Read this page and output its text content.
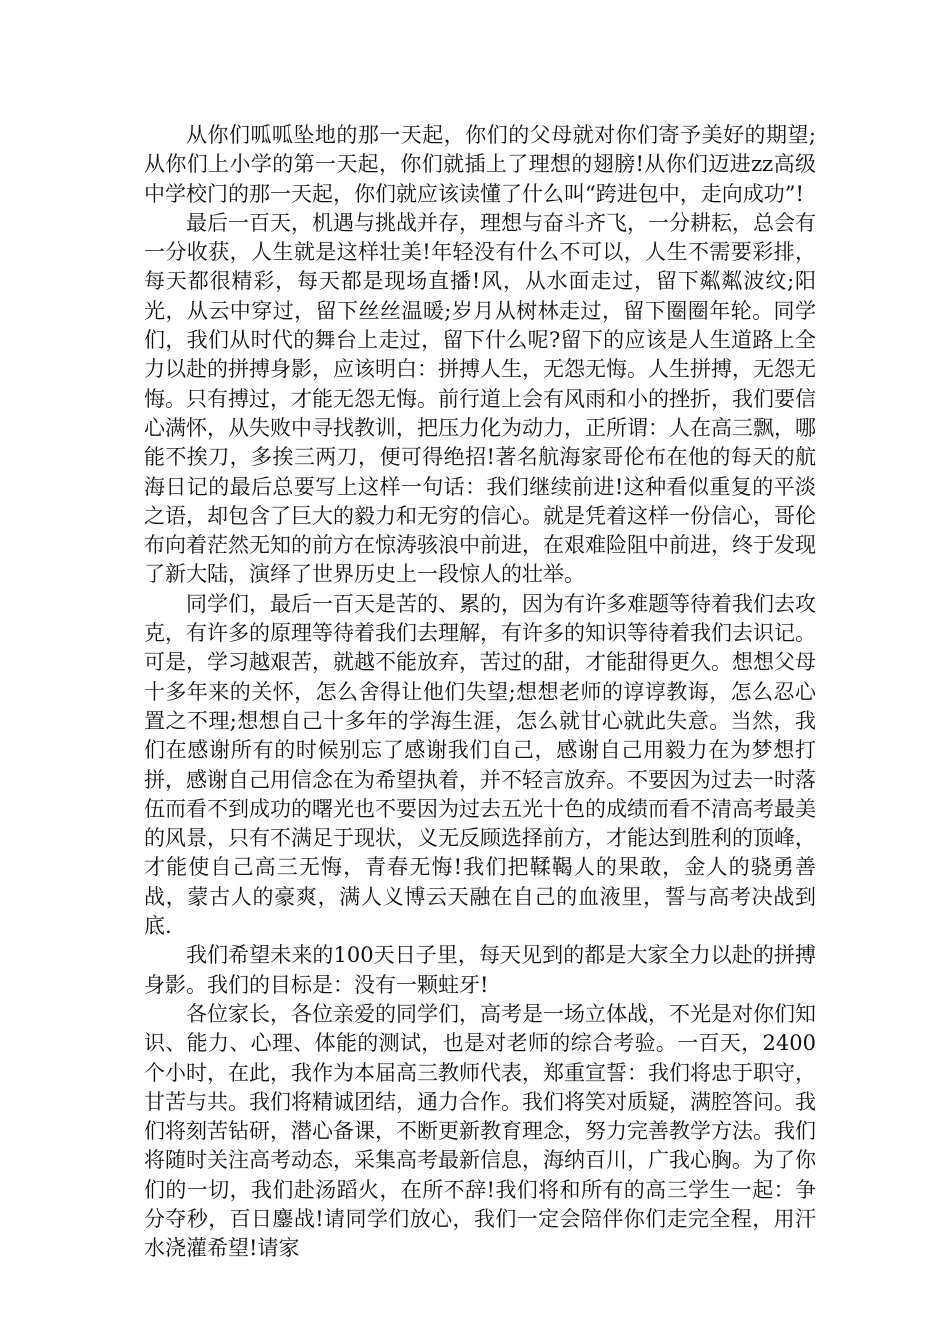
从你们呱呱坠地的那一天起，你们的父母就对你们寄予美好的期望;从你们上小学的第一天起，你们就插上了理想的翅膀!从你们迈进zz高级中学校门的那一天起，你们就应该读懂了什么叫“跨进包中，走向成功”!

最后一百天，机遇与挑战并存，理想与奋斗齐飞，一分耕耘，总会有一分收获，人生就是这样壮美!年轻没有什么不可以，人生不需要彩排，每天都很精彩，每天都是现场直播!风，从水面走过，留下粼粼波纹;阳光，从云中穿过，留下丝丝温暖;岁月从树林走过，留下圈圈年轮。同学们，我们从时代的舞台上走过，留下什么呢?留下的应该是人生道路上全力以赴的拼搏身影，应该明白：拼搏人生，无怨无悔。人生拼搏，无怨无悔。只有搏过，才能无怨无悔。前行道上会有风雨和小的挫折，我们要信心满怀，从失败中寻找教训，把压力化为动力，正所谓：人在高三飘，哪能不挨刀，多挨三两刀，便可得绝招!著名航海家哥伦布在他的每天的航海日记的最后总要写上这样一句话：我们继续前进!这种看似重复的平淡之语，却包含了巨大的毅力和无穷的信心。就是凭着这样一份信心，哥伦布向着茫然无知的前方在惊涛骇浪中前进，在艰难险阻中前进，终于发现了新大陆，演绎了世界历史上一段惊人的壮举。

同学们，最后一百天是苦的、累的，因为有许多难题等待着我们去攻克，有许多的原理等待着我们去理解，有许多的知识等待着我们去识记。可是，学习越艰苦，就越不能放弃，苦过的甜，才能甜得更久。想想父母十多年来的关怀，怎么舍得让他们失望;想想老师的谆谆教诲，怎么忍心置之不理;想想自己十多年的学海生涯，怎么就甘心就此失意。当然，我们在感谢所有的时候别忘了感谢我们自己，感谢自己用毅力在为梦想打拼，感谢自己用信念在为希望执着，并不轻言放弃。不要因为过去一时落伍而看不到成功的曙光也不要因为过去五光十色的成绩而看不清高考最美的风景，只有不满足于现状，义无反顾选择前方，才能达到胜利的顶峰，才能使自己高三无悔，青春无悔!我们把鞣鞨人的果敢，金人的骁勇善战，蒙古人的豪爽，满人义博云天融在自己的血液里，誓与高考决战到底.

我们希望未来的100天日子里，每天见到的都是大家全力以赴的拼搏身影。我们的目标是：没有一颗蛀牙!

各位家长，各位亲爱的同学们，高考是一场立体战，不光是对你们知识、能力、心理、体能的测试，也是对老师的综合考验。一百天，2400个小时，在此，我作为本届高三教师代表，郑重宣誓：我们将忠于职守，甘苦与共。我们将精诚团结，通力合作。我们将笑对质疑，满腔答问。我们将刻苦钻研，潜心备课，不断更新教育理念，努力完善教学方法。我们将随时关注高考动态，采集高考最新信息，海纳百川，广我心胸。为了你们的一切，我们赴汤蹈火，在所不辞!我们将和所有的高三学生一起：争分夺秒，百日鏖战!请同学们放心，我们一定会陪伴你们走完全程，用汗水浇灌希望!请家
